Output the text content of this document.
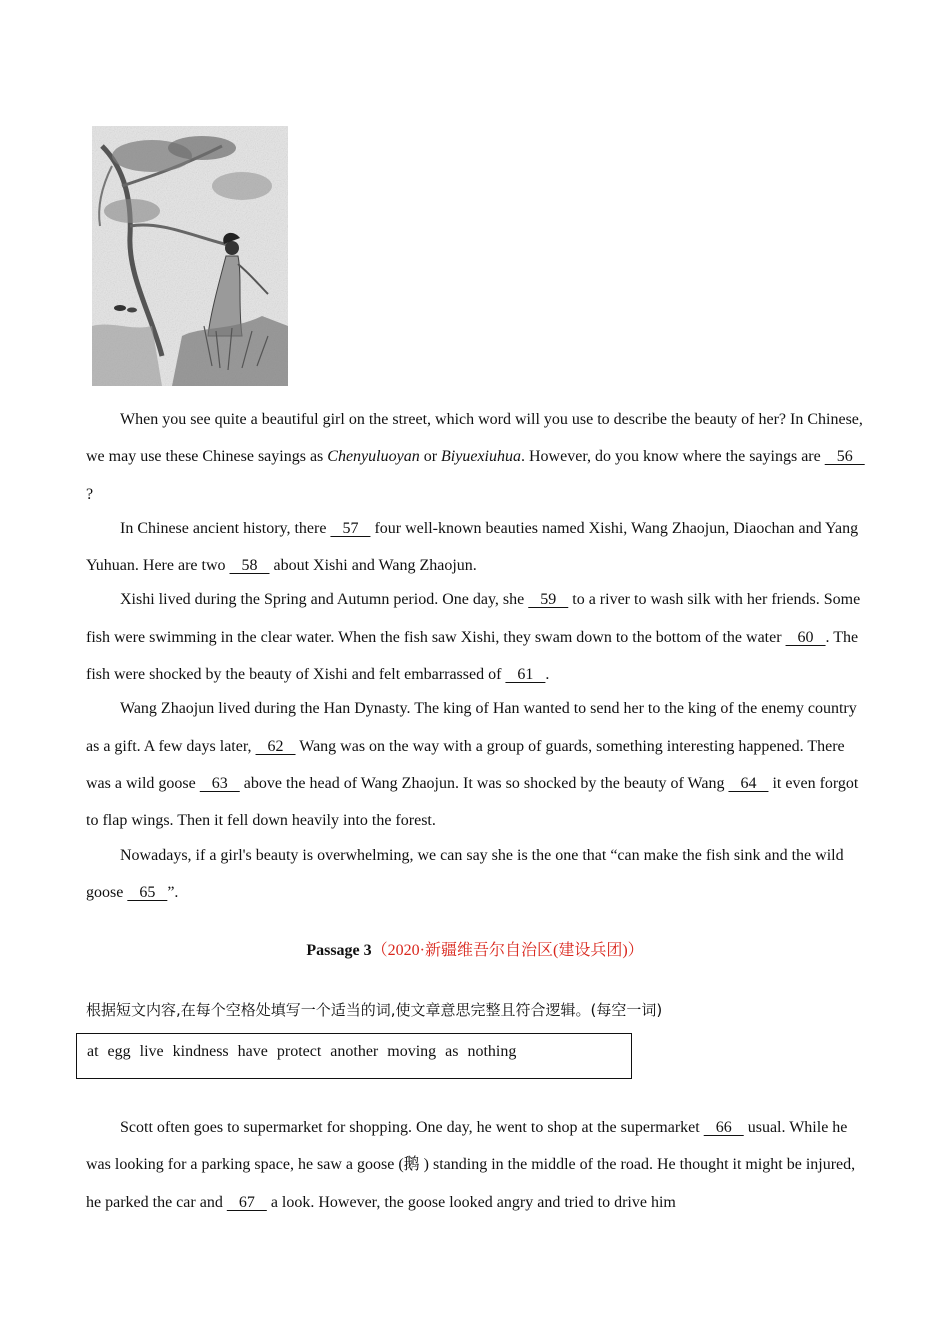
When you see quite a beautiful girl on the street, which word will you use to describe the beauty of her? In Chinese, we may use these Chinese sayings as Chenyuluoyan or Biyuexiuhua. However, do you know where the sayings are    56   ?

In Chinese ancient history, there    57    four well-known beauties named Xishi, Wang Zhaojun, Diaochan and Yang Yuhuan. Here are two    58    about Xishi and Wang Zhaojun.

Xishi lived during the Spring and Autumn period. One day, she    59    to a river to wash silk with her friends. Some fish were swimming in the clear water. When the fish saw Xishi, they swam down to the bottom of the water    60   . The fish were shocked by the beauty of Xishi and felt embarrassed of    61   .

Wang Zhaojun lived during the Han Dynasty. The king of Han wanted to send her to the king of the enemy country as a gift. A few days later,    62    Wang was on the way with a group of guards, something interesting happened. There was a wild goose    63    above the head of Wang Zhaojun. It was so shocked by the beauty of Wang    64    it even forgot to flap wings. Then it fell down heavily into the forest.

Nowadays, if a girl's beauty is overwhelming, we can say she is the one that “can make the fish sink and the wild goose    65   ”.

Passage 3（2020·新疆维吾尔自治区(建设兵团)）
根据短文内容,在每个空格处填写一个适当的词,使文章意思完整且符合逻辑。(每空一词)
at egg live kindness have protect another moving as nothing

Scott often goes to supermarket for shopping. One day, he went to shop at the supermarket    66    usual. While he was looking for a parking space, he saw a goose (鹅 ) standing in the middle of the road. He thought it might be injured, he parked the car and    67    a look. However, the goose looked angry and tried to drive him
